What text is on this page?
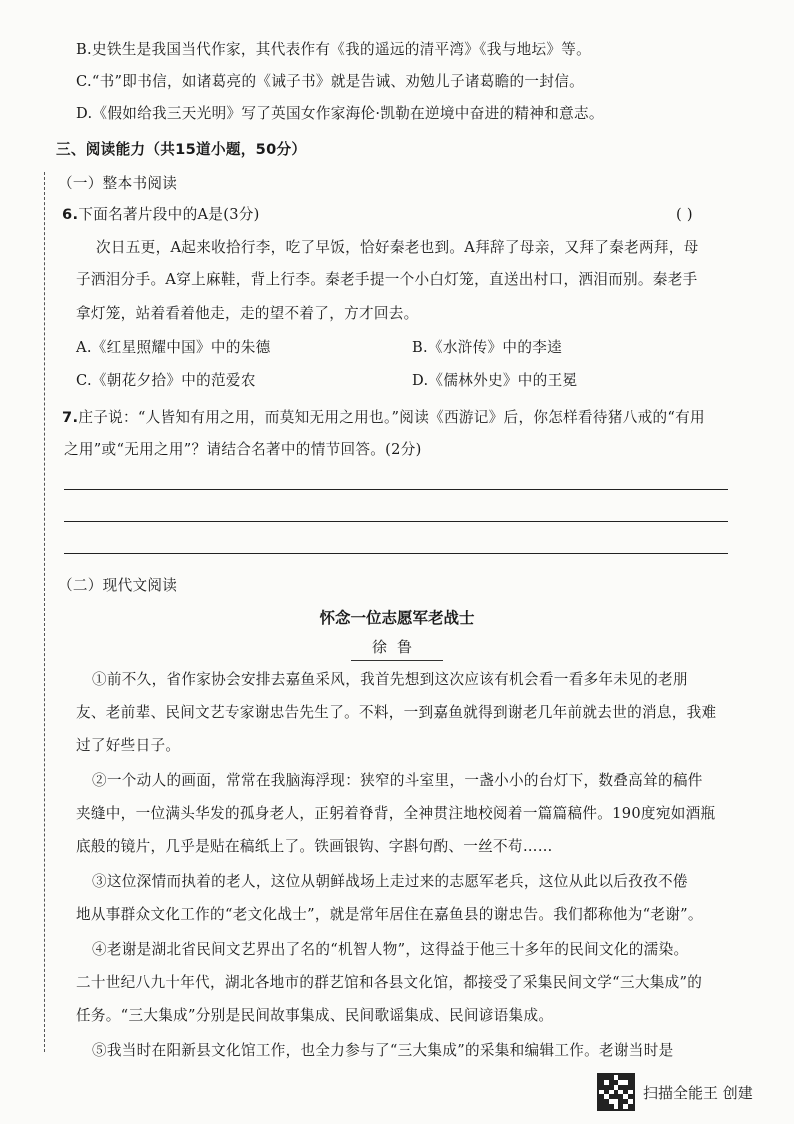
B.史铁生是我国当代作家，其代表作有《我的遥远的清平湾》《我与地坛》等。
C.“书”即书信，如诸葛亮的《诫子书》就是告诫、劝勉儿子诸葛瞻的一封信。
D.《假如给我三天光明》写了英国女作家海伦·凯勒在逆境中奋进的精神和意志。
三、阅读能力（共15道小题，50分）
（一）整本书阅读
6.下面名著片段中的A是(3分)	( )
次日五更，A起来收拾行李，吃了早饭，恰好秦老也到。A拜辞了母亲，又拜了秦老两拜，母
子洒泪分手。A穿上麻鞋，背上行李。秦老手提一个小白灯笼，直送出村口，洒泪而别。秦老手
拿灯笼，站着看着他走，走的望不着了，方才回去。
A.《红星照耀中国》中的朱德	B.《水浒传》中的李逵
C.《朝花夕拾》中的范爱农	D.《儒林外史》中的王冕
7.庄子说：“人皆知有用之用，而莫知无用之用也。”阅读《西游记》后，你怎样看待猪八戒的“有用
之用”或“无用之用”？请结合名著中的情节回答。(2分)
（二）现代文阅读
怀念一位志愿军老战士
徐鲁
①前不久，省作家协会安排去嘉鱼采风，我首先想到这次应该有机会看一看多年未见的老朋
友、老前辈、民间文艺专家谢忠告先生了。不料，一到嘉鱼就得到谢老几年前就去世的消息，我难
过了好些日子。
②一个动人的画面，常常在我脑海浮现：狭窄的斗室里，一盏小小的台灯下，数叠高耸的稿件
夹缝中，一位满头华发的孤身老人，正躬着脊背，全神贯注地校阅着一篇篇稿件。190度宛如酒瓶
底般的镜片，几乎是贴在稿纸上了。铁画银钩、字斟句酌、一丝不苟……
③这位深情而执着的老人，这位从朝鲜战场上走过来的志愿军老兵，这位从此以后孜孜不倦
地从事群众文化工作的“老文化战士”，就是常年居住在嘉鱼县的谢忠告。我们都称他为“老谢”。
④老谢是湖北省民间文艺界出了名的“机智人物”，这得益于他三十多年的民间文化的濡染。
二十世纪八九十年代，湖北各地市的群艺馆和各县文化馆，都接受了采集民间文学“三大集成”的
任务。“三大集成”分别是民间故事集成、民间歌谣集成、民间谚语集成。
⑤我当时在阳新县文化馆工作，也全力参与了“三大集成”的采集和编辑工作。老谢当时是
扫描全能王 创建
